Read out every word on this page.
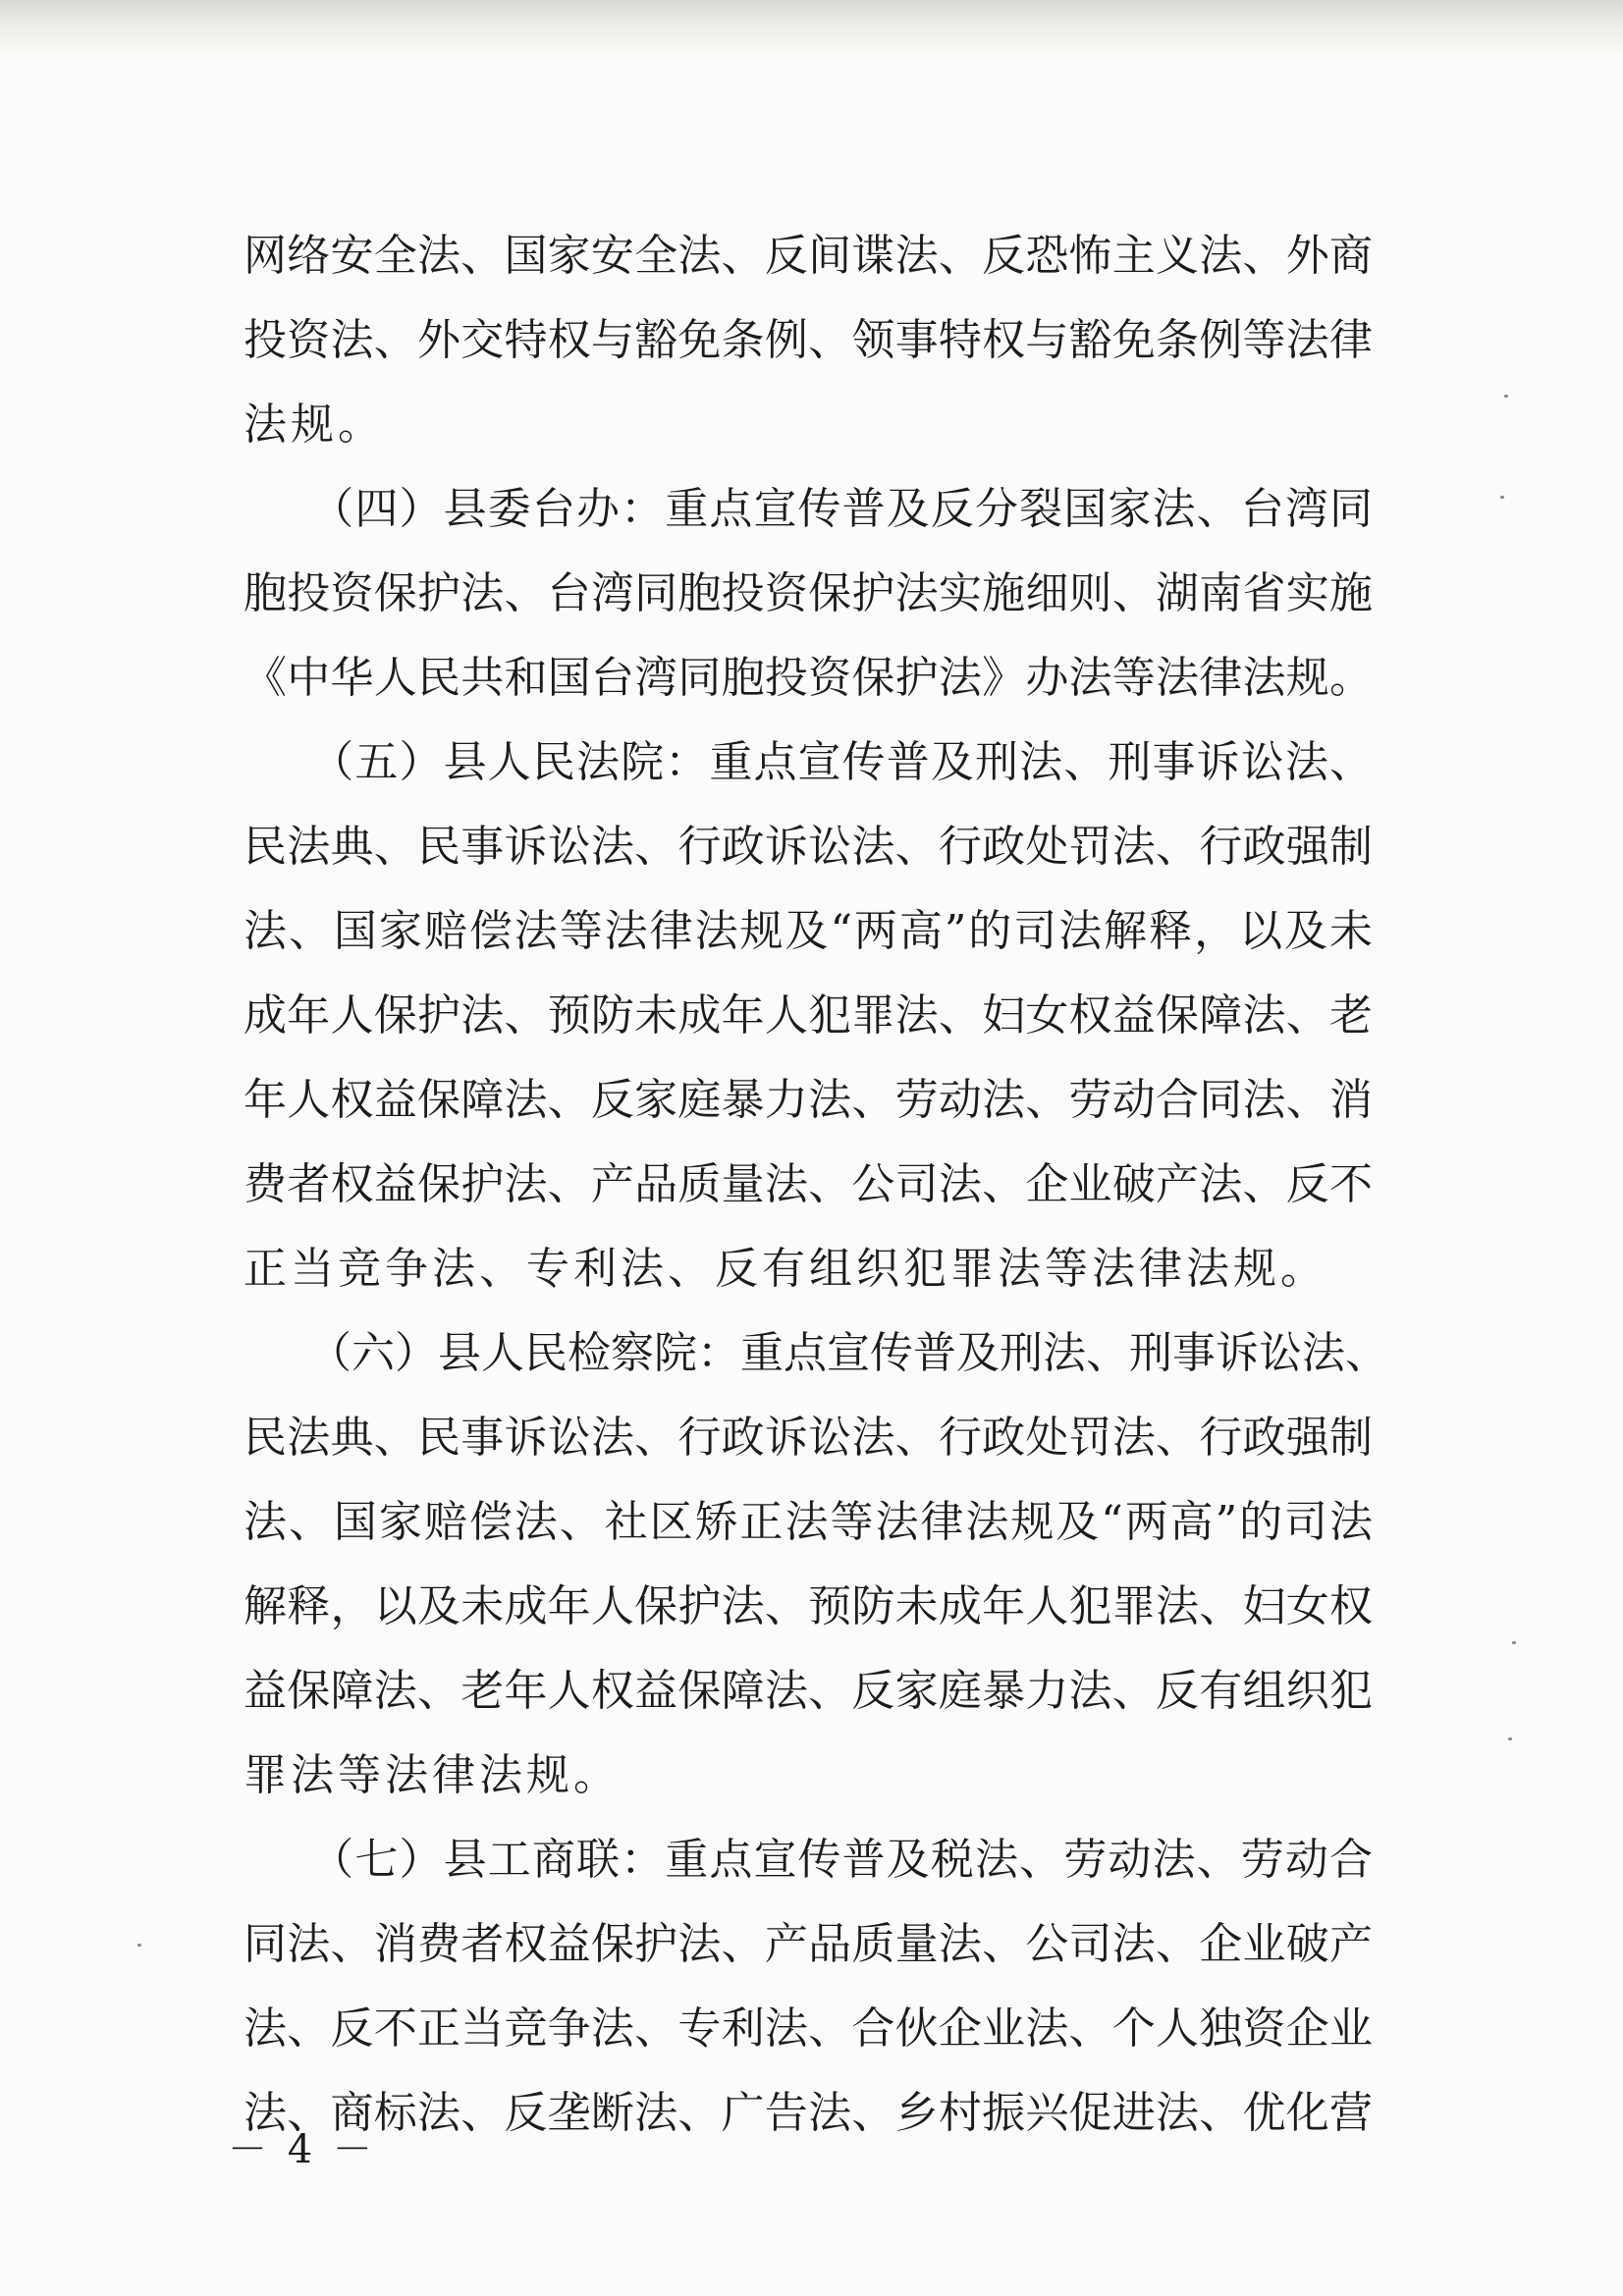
网络安全法、国家安全法、反间谍法、反恐怖主义法、外商
投资法、外交特权与豁免条例、领事特权与豁免条例等法律
法规。
　　（四）县委台办：重点宣传普及反分裂国家法、台湾同
胞投资保护法、台湾同胞投资保护法实施细则、湖南省实施
《中华人民共和国台湾同胞投资保护法》办法等法律法规。
　　（五）县人民法院：重点宣传普及刑法、刑事诉讼法、
民法典、民事诉讼法、行政诉讼法、行政处罚法、行政强制
法、国家赔偿法等法律法规及“两高”的司法解释，以及未
成年人保护法、预防未成年人犯罪法、妇女权益保障法、老
年人权益保障法、反家庭暴力法、劳动法、劳动合同法、消
费者权益保护法、产品质量法、公司法、企业破产法、反不
正当竞争法、专利法、反有组织犯罪法等法律法规。
　　（六）县人民检察院：重点宣传普及刑法、刑事诉讼法、
民法典、民事诉讼法、行政诉讼法、行政处罚法、行政强制
法、国家赔偿法、社区矫正法等法律法规及“两高”的司法
解释，以及未成年人保护法、预防未成年人犯罪法、妇女权
益保障法、老年人权益保障法、反家庭暴力法、反有组织犯
罪法等法律法规。
　　（七）县工商联：重点宣传普及税法、劳动法、劳动合
同法、消费者权益保护法、产品质量法、公司法、企业破产
法、反不正当竞争法、专利法、合伙企业法、个人独资企业
法、商标法、反垄断法、广告法、乡村振兴促进法、优化营
－ 4 －
